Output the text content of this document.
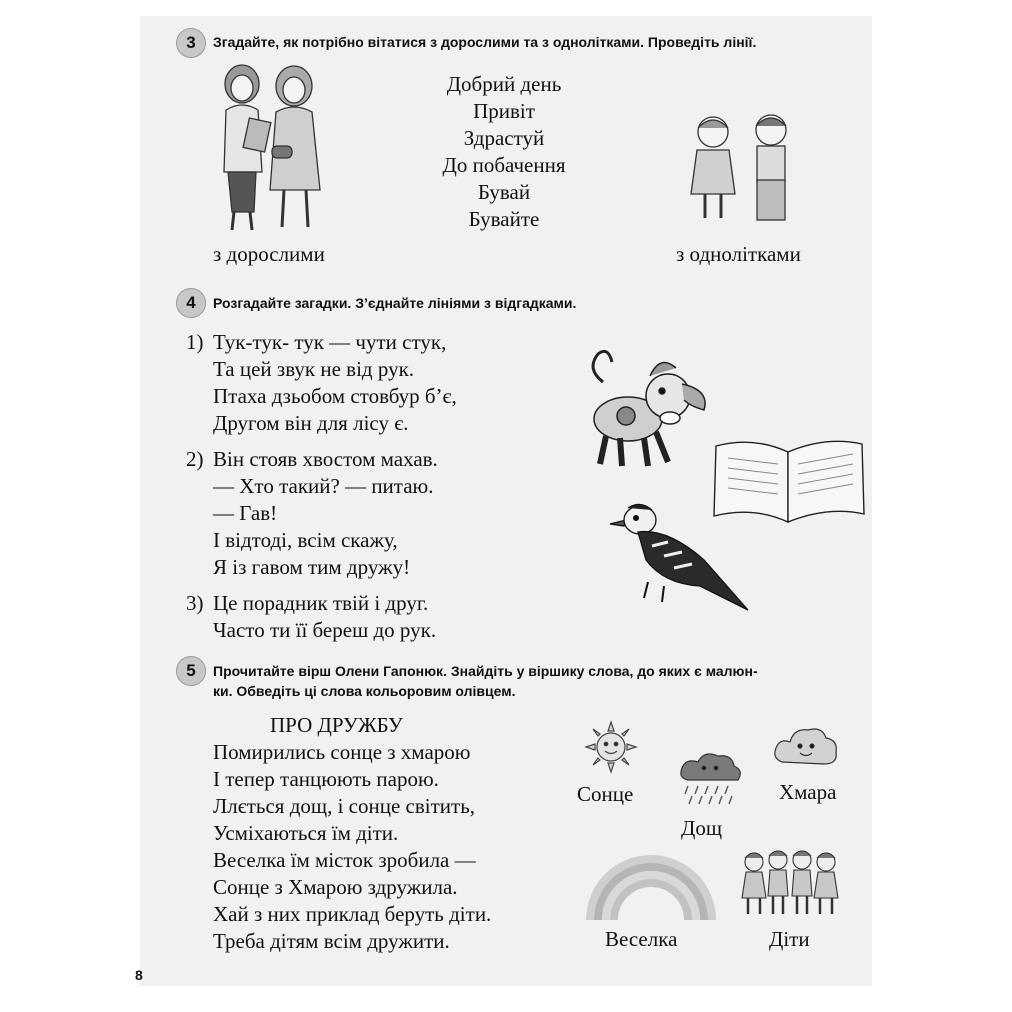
3	Згадайте, як потрібно вітатися з дорослими та з однолітками. Проведіть лінії.
Добрий день
Привіт
Здрастуй
До побачення
Бувай
Бувайте
з дорослими	з однолітками
4	Розгадайте загадки. З’єднайте лініями з відгадками.
1) Тук-тук- тук — чути стук,
Та цей звук не від рук.
Птаха дзьобом стовбур б’є,
Другом він для лісу є.
2) Він стояв хвостом махав.
— Хто такий? — питаю.
— Гав!
І відтоді, всім скажу,
Я із гавом тим дружу!
3) Це порадник твій і друг.
Часто ти її береш до рук.
5	Прочитайте вірш Олени Гапонюк. Знайдіть у віршику слова, до яких є малюн-
ки. Обведіть ці слова кольоровим олівцем.
ПРО ДРУЖБУ
Помирились сонце з хмарою
І тепер танцюють парою.
Ллється дощ, і сонце світить,
Усміхаються їм діти.
Веселка їм місток зробила —
Сонце з Хмарою здружила.
Хай з них приклад беруть діти.
Треба дітям всім дружити.
Сонце
Дощ
Хмара
Веселка	Діти
8
